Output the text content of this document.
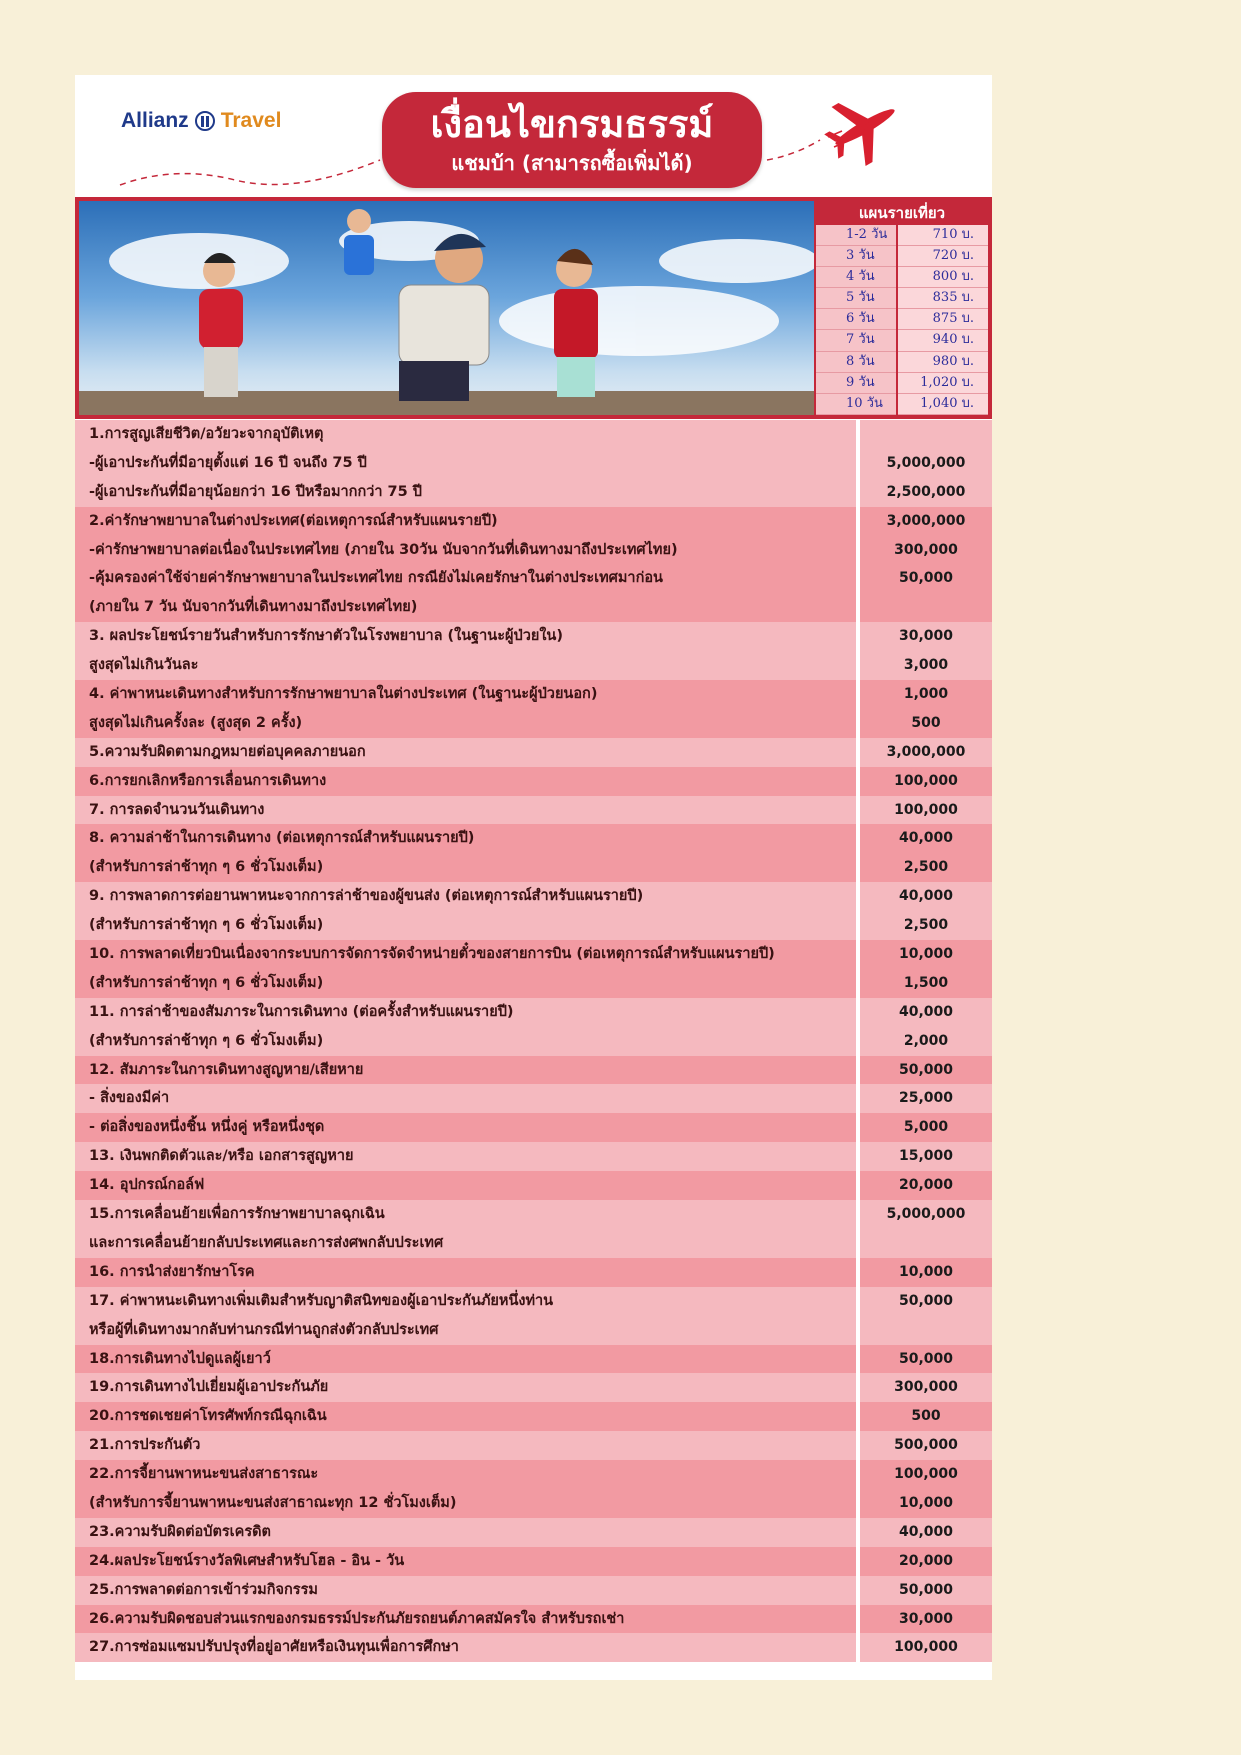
Allianz Travel	เงื่อนไขกรมธรรม์
แชมบ้า (สามารถซื้อเพิ่มได้)
แผนรายเที่ยว
1-2 วัน	710 บ.
3 วัน	720 บ.
4 วัน	800 บ.
5 วัน	835 บ.
6 วัน	875 บ.
7 วัน	940 บ.
8 วัน	980 บ.
9 วัน	1,020 บ.
10 วัน	1,040 บ.
1.การสูญเสียชีวิต/อวัยวะจากอุบัติเหตุ
-ผู้เอาประกันที่มีอายุตั้งแต่ 16 ปี จนถึง 75 ปี	5,000,000
-ผู้เอาประกันที่มีอายุน้อยกว่า 16 ปีหรือมากกว่า 75 ปี	2,500,000
2.ค่ารักษาพยาบาลในต่างประเทศ(ต่อเหตุการณ์สำหรับแผนรายปี)	3,000,000
-ค่ารักษาพยาบาลต่อเนื่องในประเทศไทย (ภายใน 30วัน นับจากวันที่เดินทางมาถึงประเทศไทย)	300,000
-คุ้มครองค่าใช้จ่ายค่ารักษาพยาบาลในประเทศไทย กรณียังไม่เคยรักษาในต่างประเทศมาก่อน	50,000
(ภายใน 7 วัน นับจากวันที่เดินทางมาถึงประเทศไทย)
3. ผลประโยชน์รายวันสำหรับการรักษาตัวในโรงพยาบาล (ในฐานะผู้ป่วยใน)	30,000
สูงสุดไม่เกินวันละ	3,000
4. ค่าพาหนะเดินทางสำหรับการรักษาพยาบาลในต่างประเทศ (ในฐานะผู้ป่วยนอก)	1,000
สูงสุดไม่เกินครั้งละ (สูงสุด 2 ครั้ง)	500
5.ความรับผิดตามกฎหมายต่อบุคคลภายนอก	3,000,000
6.การยกเลิกหรือการเลื่อนการเดินทาง	100,000
7. การลดจำนวนวันเดินทาง	100,000
8. ความล่าช้าในการเดินทาง (ต่อเหตุการณ์สำหรับแผนรายปี)	40,000
(สำหรับการล่าช้าทุก ๆ 6 ชั่วโมงเต็ม)	2,500
9. การพลาดการต่อยานพาหนะจากการล่าช้าของผู้ขนส่ง (ต่อเหตุการณ์สำหรับแผนรายปี)	40,000
(สำหรับการล่าช้าทุก ๆ 6 ชั่วโมงเต็ม)	2,500
10. การพลาดเที่ยวบินเนื่องจากระบบการจัดการจัดจำหน่ายตั๋วของสายการบิน (ต่อเหตุการณ์สำหรับแผนรายปี)	10,000
(สำหรับการล่าช้าทุก ๆ 6 ชั่วโมงเต็ม)	1,500
11. การล่าช้าของสัมภาระในการเดินทาง (ต่อครั้งสำหรับแผนรายปี)	40,000
(สำหรับการล่าช้าทุก ๆ 6 ชั่วโมงเต็ม)	2,000
12. สัมภาระในการเดินทางสูญหาย/เสียหาย	50,000
- สิ่งของมีค่า	25,000
- ต่อสิ่งของหนึ่งชิ้น หนึ่งคู่ หรือหนึ่งชุด	5,000
13. เงินพกติดตัวและ/หรือ เอกสารสูญหาย	15,000
14. อุปกรณ์กอล์ฟ	20,000
15.การเคลื่อนย้ายเพื่อการรักษาพยาบาลฉุกเฉิน	5,000,000
และการเคลื่อนย้ายกลับประเทศและการส่งศพกลับประเทศ
16. การนำส่งยารักษาโรค	10,000
17. ค่าพาหนะเดินทางเพิ่มเติมสำหรับญาติสนิทของผู้เอาประกันภัยหนึ่งท่าน	50,000
หรือผู้ที่เดินทางมากลับท่านกรณีท่านถูกส่งตัวกลับประเทศ
18.การเดินทางไปดูแลผู้เยาว์	50,000
19.การเดินทางไปเยี่ยมผู้เอาประกันภัย	300,000
20.การชดเชยค่าโทรศัพท์กรณีฉุกเฉิน	500
21.การประกันตัว	500,000
22.การจี้ยานพาหนะขนส่งสาธารณะ	100,000
(สำหรับการจี้ยานพาหนะขนส่งสาธาณะทุก 12 ชั่วโมงเต็ม)	10,000
23.ความรับผิดต่อบัตรเครดิต	40,000
24.ผลประโยชน์รางวัลพิเศษสำหรับโฮล - อิน - วัน	20,000
25.การพลาดต่อการเข้าร่วมกิจกรรม	50,000
26.ความรับผิดชอบส่วนแรกของกรมธรรม์ประกันภัยรถยนต์ภาคสมัครใจ สำหรับรถเช่า	30,000
27.การซ่อมแซมปรับปรุงที่อยู่อาศัยหรือเงินทุนเพื่อการศึกษา	100,000
